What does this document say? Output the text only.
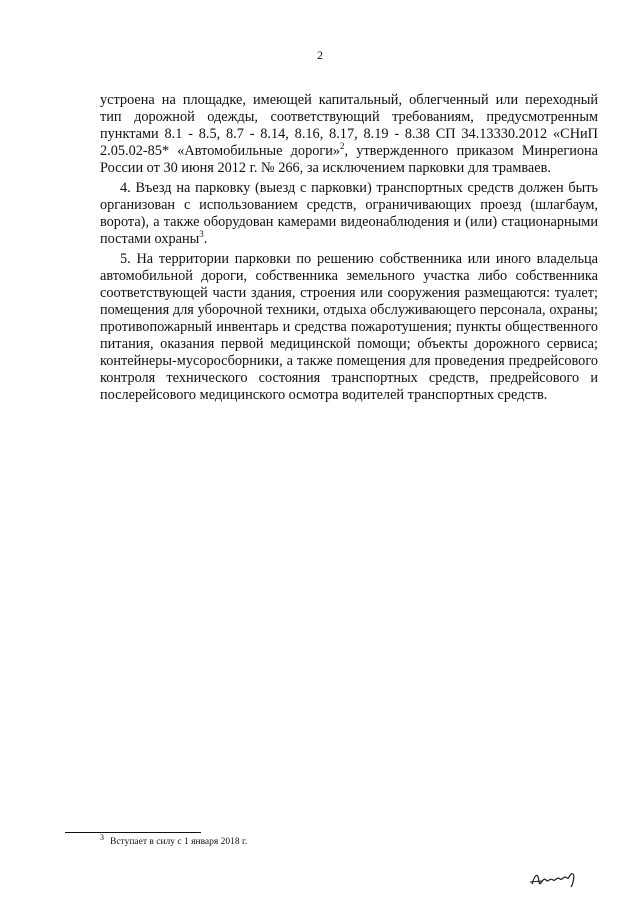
2

устроена на площадке, имеющей капитальный, облегченный или переходный тип дорожной одежды, соответствующий требованиям, предусмотренным пунктами 8.1 - 8.5, 8.7 - 8.14, 8.16, 8.17, 8.19 - 8.38 СП 34.13330.2012 «СНиП 2.05.02-85* «Автомобильные дороги»$^2$, утвержденного приказом Минрегиона России от 30 июня 2012 г. № 266, за исключением парковки для трамваев.

4. Въезд на парковку (выезд с парковки) транспортных средств должен быть организован с использованием средств, ограничивающих проезд (шлагбаум, ворота), а также оборудован камерами видеонаблюдения и (или) стационарными постами охраны$^3$.

5. На территории парковки по решению собственника или иного владельца автомобильной дороги, собственника земельного участка либо собственника соответствующей части здания, строения или сооружения размещаются: туалет; помещения для уборочной техники, отдыха обслуживающего персонала, охраны; противопожарный инвентарь и средства пожаротушения; пункты общественного питания, оказания первой медицинской помощи; объекты дорожного сервиса; контейнеры-мусоросборники, а также помещения для проведения предрейсового контроля технического состояния транспортных средств, предрейсового и послерейсового медицинского осмотра водителей транспортных средств.

$^3$ Вступает в силу с 1 января 2018 г.
